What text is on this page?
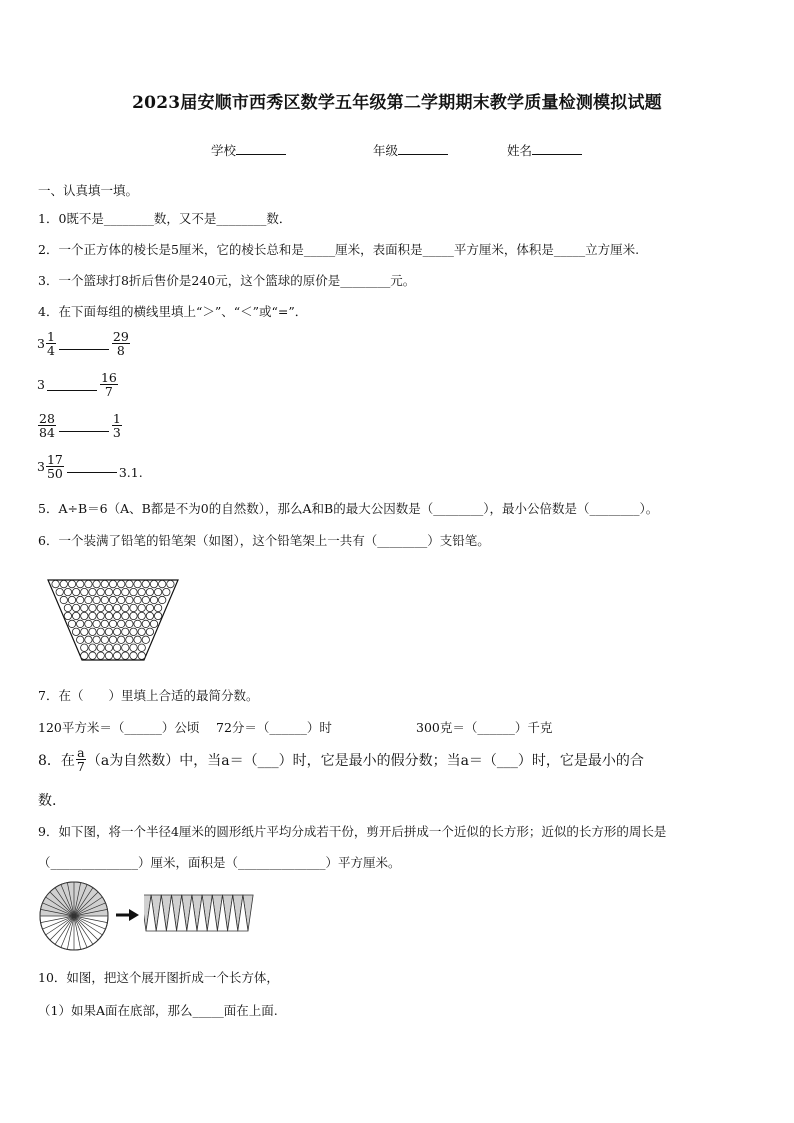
2023届安顺市西秀区数学五年级第二学期期末教学质量检测模拟试题
学校	年级	姓名
一、认真填一填。
1．0既不是________数，又不是________数．
2．一个正方体的棱长是5厘米，它的棱长总和是_____厘米，表面积是_____平方厘米，体积是_____立方厘米.
3．一个篮球打8折后售价是240元，这个篮球的原价是________元。
4．在下面每组的横线里填上“＞”、“＜”或“=”．
$3 \frac{1}{4}$	$\frac{29}{8}$
3	$\frac{16}{7}$
$\frac{28}{84}$	$\frac{1}{3}$
$3 \frac{17}{50}$	3.1.
5．A÷B＝6（A、B都是不为0的自然数），那么A和B的最大公因数是（________），最小公倍数是（________）。
6．一个装满了铅笔的铅笔架（如图），这个铅笔架上一共有（________）支铅笔。
7．在（　　）里填上合适的最简分数。
120平方米＝（______）公顷 72分＝（______）时	300克＝（______）千克
8．在 $\frac{a}{7} (a$为自然数）中，当a＝（___）时，它是最小的假分数；当a＝（___）时，它是最小的合
数.
9．如下图，将一个半径4厘米的圆形纸片平均分成若干份，剪开后拼成一个近似的长方形；近似的长方形的周长是
（______________）厘米，面积是（______________）平方厘米。
10．如图，把这个展开图折成一个长方体，
（1）如果A面在底部，那么_____面在上面.
